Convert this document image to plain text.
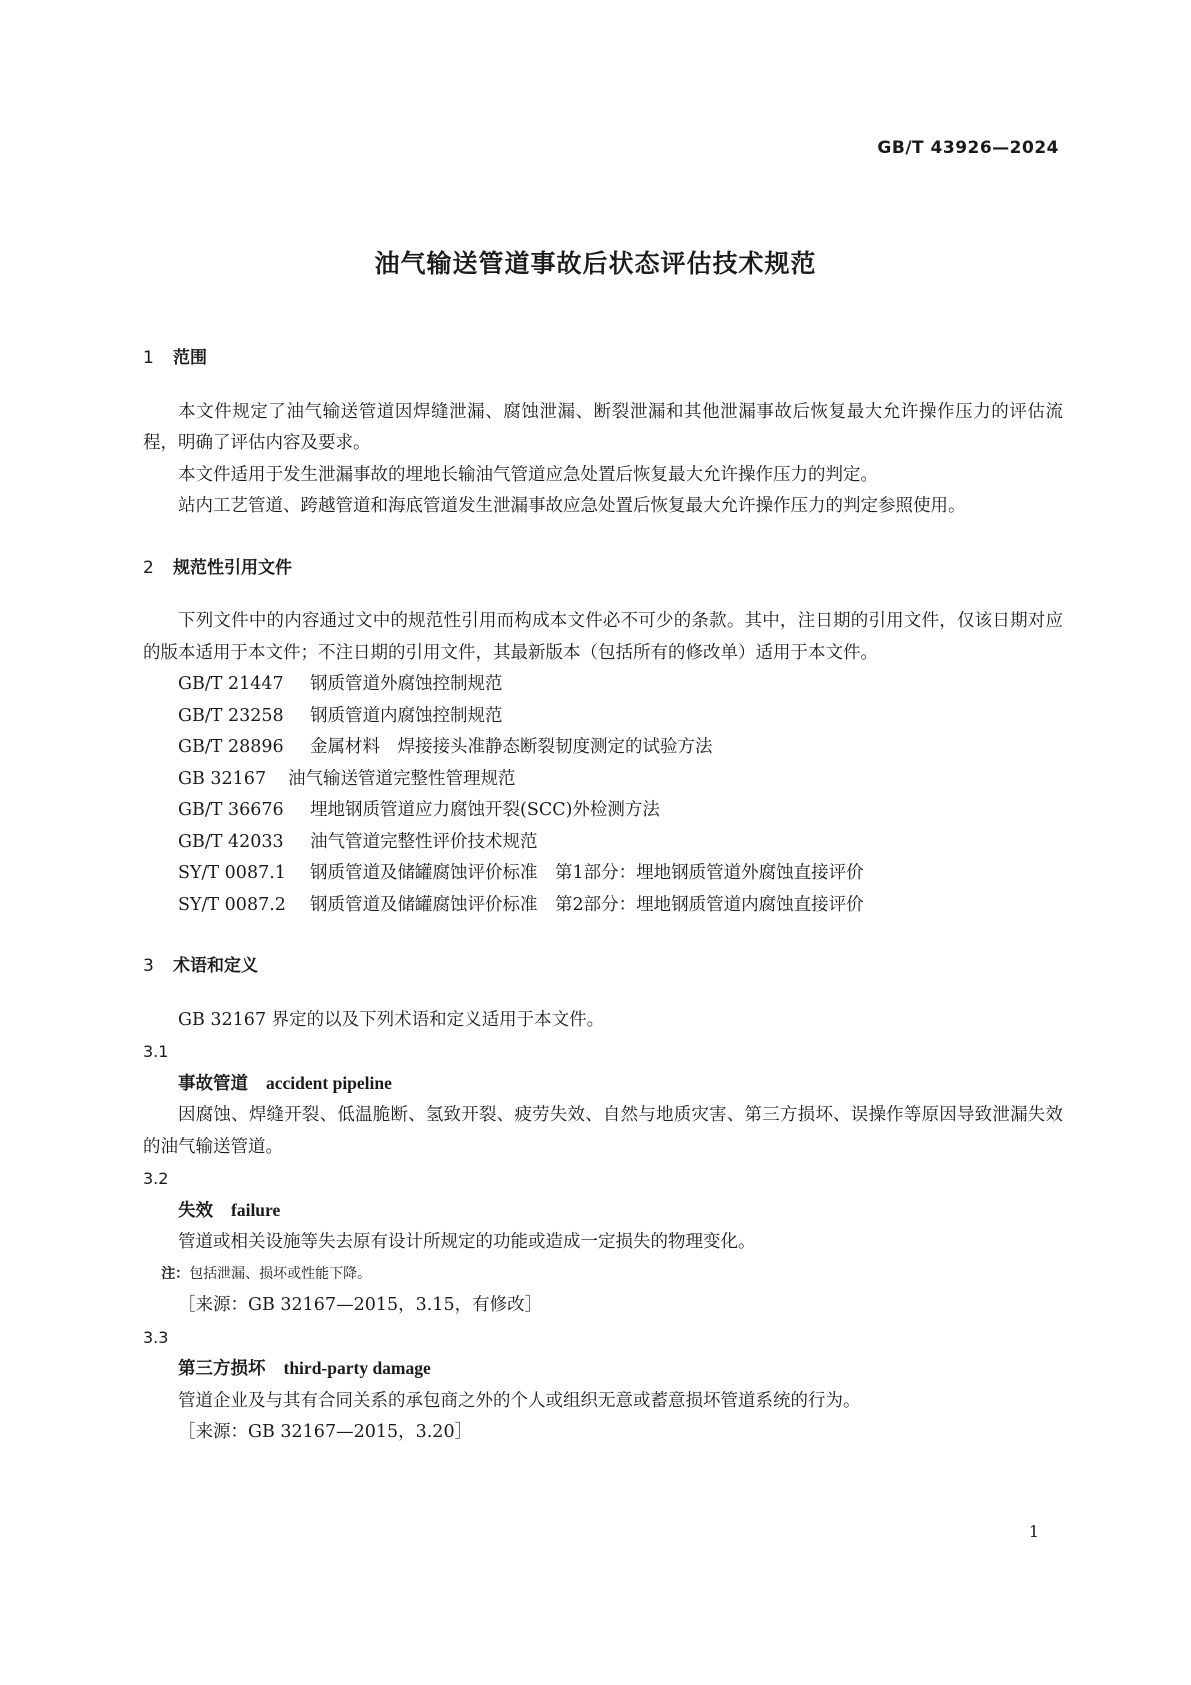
GB/T 43926—2024
油气输送管道事故后状态评估技术规范
1 范围

本文件规定了油气输送管道因焊缝泄漏、腐蚀泄漏、断裂泄漏和其他泄漏事故后恢复最大允许操作压力的评估流程，明确了评估内容及要求。

本文件适用于发生泄漏事故的埋地长输油气管道应急处置后恢复最大允许操作压力的判定。

站内工艺管道、跨越管道和海底管道发生泄漏事故应急处置后恢复最大允许操作压力的判定参照使用。

2 规范性引用文件

下列文件中的内容通过文中的规范性引用而构成本文件必不可少的条款。其中，注日期的引用文件，仅该日期对应的版本适用于本文件；不注日期的引用文件，其最新版本（包括所有的修改单）适用于本文件。

GB/T 21447 钢质管道外腐蚀控制规范

GB/T 23258 钢质管道内腐蚀控制规范

GB/T 28896 金属材料　焊接接头准静态断裂韧度测定的试验方法

GB 32167 油气输送管道完整性管理规范

GB/T 36676 埋地钢质管道应力腐蚀开裂(SCC)外检测方法

GB/T 42033 油气管道完整性评价技术规范

SY/T 0087.1 钢质管道及储罐腐蚀评价标准　第1部分：埋地钢质管道外腐蚀直接评价

SY/T 0087.2 钢质管道及储罐腐蚀评价标准　第2部分：埋地钢质管道内腐蚀直接评价

3 术语和定义

GB 32167 界定的以及下列术语和定义适用于本文件。

3.1

事故管道 accident pipeline

因腐蚀、焊缝开裂、低温脆断、氢致开裂、疲劳失效、自然与地质灾害、第三方损坏、误操作等原因导致泄漏失效的油气输送管道。

3.2

失效 failure

管道或相关设施等失去原有设计所规定的功能或造成一定损失的物理变化。

注：包括泄漏、损坏或性能下降。

［来源：GB 32167—2015，3.15，有修改］

3.3

第三方损坏 third-party damage

管道企业及与其有合同关系的承包商之外的个人或组织无意或蓄意损坏管道系统的行为。

［来源：GB 32167—2015，3.20］

1
